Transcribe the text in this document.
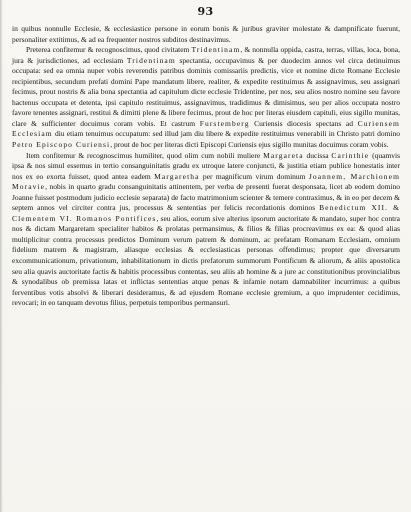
93

in quibus nonnulle Ecclesie, & ecclesiastice persone in eorum bonis & juribus graviter molestate & dampnificate fuerunt, personaliter extitimus, & ad ea frequenter nostros subditos destinavimus.

Preterea confitemur & recognoscimus, quod civitatem Tridentinam, & nonnulla oppida, castra, terras, villas, loca, bona, jura & jurisdictiones, ad ecclesiam Tridentinam spectantia, occupavimus & per duodecim annos vel circa detinuimus occupata: sed ea omnia nuper vobis reverendis patribus dominis comissariis predictis, vice et nomine dicte Romane Ecclesie recipientibus, secundum prefati domini Pape mandatum libere, realiter, & expedite restituimus & assignavimus, seu assignari fecimus, prout nostris & alia bona spectantia ad capitulum dicte ecclesie Tridentine, per nos, seu alios nostro nomine seu favore hactenus occupata et detenta, ipsi capitulo restituimus, assignavimus, tradidimus & dimisimus, seu per alios occupata nostro favore tenentes assignari, restitui & dimitti plene & libere fecimus, prout de hoc per literas eiusdem capituli, eius sigillo munitas, clare & sufficienter docuimus coram vobis. Et castrum Furstemberg Curiensis diocesis spectans ad Curiensem Ecclesiam diu etiam tenuimus occupatum: sed illud jam diu libere & expedite restituimus venerabili in Christo patri domino Petro Episcopo Curiensi, prout de hoc per literas dicti Episcopi Curiensis ejus sigillo munitas docuimus coram vobis.

Item confitemur & recognoscimus humiliter, quod olim cum nobili muliere Margareta ducissa Carinthie (quamvis ipsa & nos simul essemus in tertio consanguinitatis gradu ex utroque latere conjuncti, & justitia etiam publice honestatis inter nos ex eo exorta fuisset, quod antea eadem Margaretha per magnificum virum dominum Joannem, Marchionem Moravie, nobis in quarto gradu consanguinitatis attinentem, per verba de presenti fuerat desponsata, licet ab eodem domino Joanne fuisset postmodum judicio ecclesie separata) de facto matrimonium scienter & temere contraximus, & in eo per decem & septem annos vel circiter contra jus, processus & sententias per felicis recordationis dominos Benedictum XII. & Clementem VI. Romanos Pontifices, seu alios, eorum sive alterius ipsorum auctoritate & mandato, super hoc contra nos & dictam Margaretam specialiter habitos & prolatas permansimus, & filios & filias procreavimus ex ea: & quod alias multiplicitur contra processus predictos Dominum verum patrem & dominum, ac prefatam Romanam Ecclesiam, omnium fidelium matrem & magistram, aliasque ecclesias & ecclesiasticas personas offendimus; propter que diversarum excommunicationum, privationum, inhabilitationum in dictis prefatorum summorum Pontificum & aliorum, & aliis apostolica seu alia quavis auctoritate factis & habitis processibus contentas, seu aliis ab homine & a jure ac constitutionibus provincialibus & synodalibus ob premissa latas et inflictas sententias atque penas & infamie notam damnabiliter incurrimus: a quibus ferventibus votis absolvi & liberari desideramus, & ad ejusdem Romane ecclesie gremium, a quo imprudenter cecidimus, revocari; in eo tanquam devotus filius, perpetuis temporibus permansuri.
